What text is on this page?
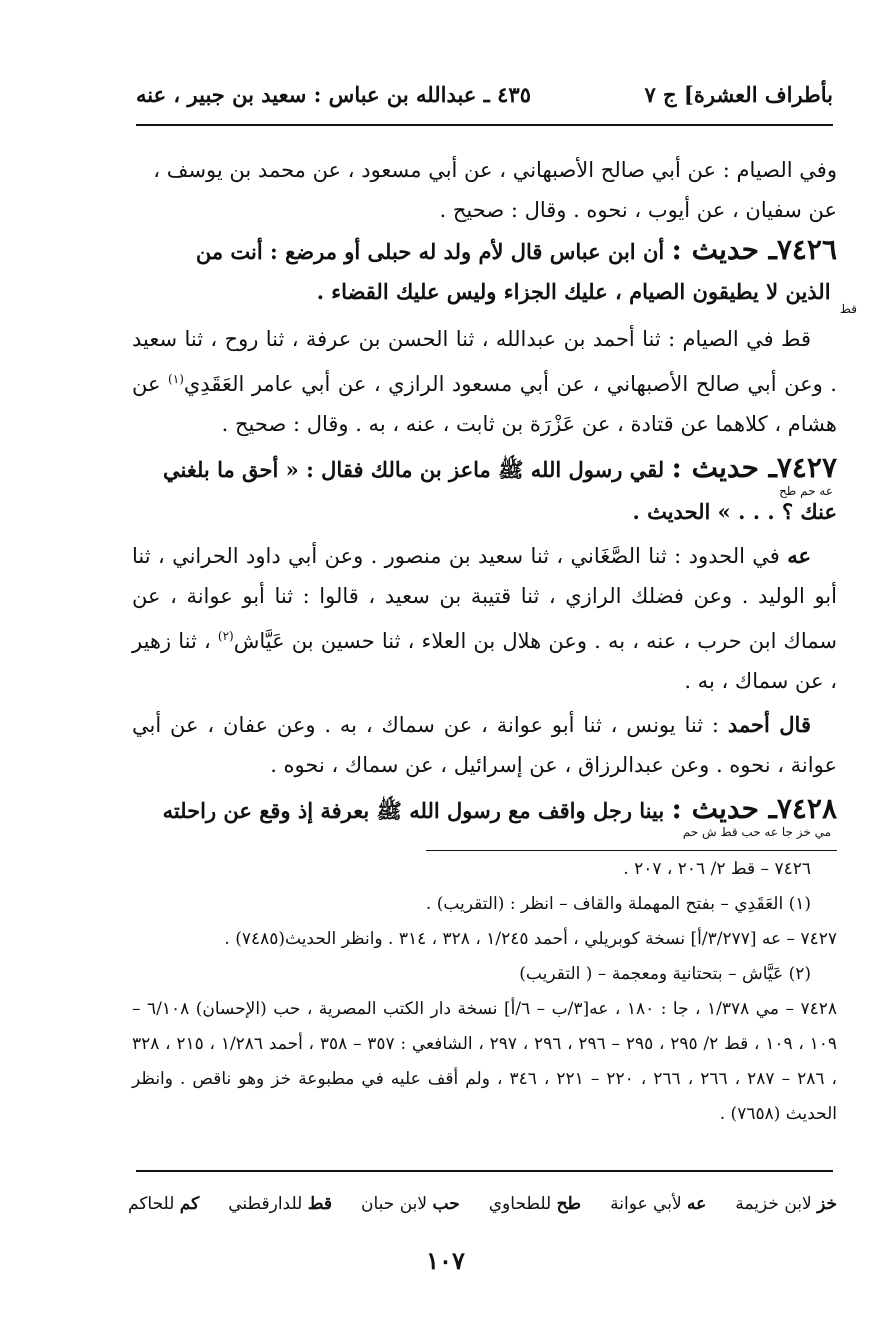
بأطراف العشرة] ج ٧
٤٣٥ ـ عبدالله بن عباس : سعيد بن جبير ، عنه

وفي الصيام : عن أبي صالح الأصبهاني ، عن أبي مسعود ، عن محمد بن يوسف ،

عن سفيان ، عن أيوب ، نحوه . وقال : صحيح .

٧٤٢٦ـ حديث : أن ابن عباس قال لأم ولد له حبلى أو مرضع : أنت من

$_{قط}$ الذين لا يطيقون الصيام ، عليك الجزاء وليس عليك القضاء .

قط في الصيام : ثنا أحمد بن عبدالله ، ثنا الحسن بن عرفة ، ثنا روح ، ثنا سعيد . وعن أبي صالح الأصبهاني ، عن أبي مسعود الرازي ، عن أبي عامر العَقَدِي$^{(١)}$ عن هشام ، كلاهما عن قتادة ، عن عَزْرَة بن ثابت ، عنه ، به . وقال : صحيح .

٧٤٢٧ـ حديث : لقي رسول الله ﷺ ماعز بن مالك فقال : « أحق ما بلغني

عه حم طح

عنك ؟ . . . » الحديث .

عه في الحدود : ثنا الصَّغَاني ، ثنا سعيد بن منصور . وعن أبي داود الحراني ، ثنا أبو الوليد . وعن فضلك الرازي ، ثنا قتيبة بن سعيد ، قالوا : ثنا أبو عوانة ، عن سماك ابن حرب ، عنه ، به . وعن هلال بن العلاء ، ثنا حسين بن عَيَّاش$^{(٢)}$ ، ثنا زهير ، عن سماك ، به .

قال أحمد : ثنا يونس ، ثنا أبو عوانة ، عن سماك ، به . وعن عفان ، عن أبي عوانة ، نحوه . وعن عبدالرزاق ، عن إسرائيل ، عن سماك ، نحوه .

٧٤٢٨ـ حديث : بينا رجل واقف مع رسول الله ﷺ بعرفة إذ وقع عن راحلته

مي خز جا عه حب قط ش حم

٧٤٢٦ – قط ٢/ ٢٠٦ ، ٢٠٧ .

(١) العَقَدِي – بفتح المهملة والقاف – انظر : (التقريب) .

٧٤٢٧ – عه [٣/٢٧٧/أ] نسخة كوبريلي ، أحمد ١/٢٤٥ ، ٣٢٨ ، ٣١٤ . وانظر الحديث(٧٤٨٥) .

(٢) عَيَّاش – بتحتانية ومعجمة – ( التقريب)

٧٤٢٨ – مي ١/٣٧٨ ، جا : ١٨٠ ، عه[٣/ب – ٦/أ] نسخة دار الكتب المصرية ، حب (الإحسان) ٦/١٠٨ – ١٠٩ ، ١٠٩ ، قط ٢/ ٢٩٥ ، ٢٩٥ – ٢٩٦ ، ٢٩٦ ، ٢٩٧ ، الشافعي : ٣٥٧ – ٣٥٨ ، أحمد ١/٢٨٦ ، ٢١٥ ، ٣٢٨ ، ٢٨٦ – ٢٨٧ ، ٢٦٦ ، ٢٦٦ ، ٢٢٠ – ٢٢١ ، ٣٤٦ ، ولم أقف عليه في مطبوعة خز وهو ناقص . وانظر الحديث (٧٦٥٨) .

خز لابن خزيمة
عه لأبي عوانة
طح للطحاوي
حب لابن حبان
قط للدارقطني
كم للحاكم
١٠٧
